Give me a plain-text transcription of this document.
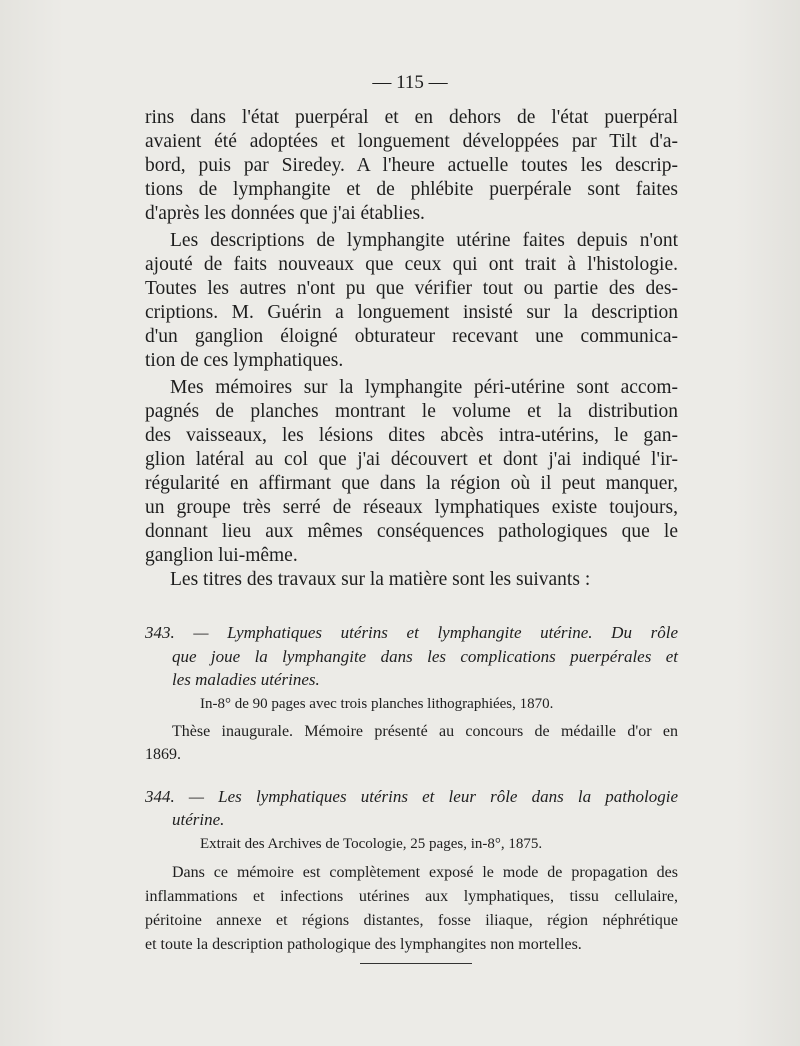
— 115 —
rins dans l'état puerpéral et en dehors de l'état puerpéral
avaient été adoptées et longuement développées par Tilt d'a-
bord, puis par Siredey. A l'heure actuelle toutes les descrip-
tions de lymphangite et de phlébite puerpérale sont faites
d'après les données que j'ai établies.
Les descriptions de lymphangite utérine faites depuis n'ont
ajouté de faits nouveaux que ceux qui ont trait à l'histologie.
Toutes les autres n'ont pu que vérifier tout ou partie des des-
criptions. M. Guérin a longuement insisté sur la description
d'un ganglion éloigné obturateur recevant une communica-
tion de ces lymphatiques.
Mes mémoires sur la lymphangite péri-utérine sont accom-
pagnés de planches montrant le volume et la distribution
des vaisseaux, les lésions dites abcès intra-utérins, le gan-
glion latéral au col que j'ai découvert et dont j'ai indiqué l'ir-
régularité en affirmant que dans la région où il peut manquer,
un groupe très serré de réseaux lymphatiques existe toujours,
donnant lieu aux mêmes conséquences pathologiques que le
ganglion lui-même.
Les titres des travaux sur la matière sont les suivants :
343. — Lymphatiques utérins et lymphangite utérine. Du rôle
que joue la lymphangite dans les complications puerpérales et
les maladies utérines.
In-8° de 90 pages avec trois planches lithographiées, 1870.
Thèse inaugurale. Mémoire présenté au concours de médaille d'or en
1869.
344. — Les lymphatiques utérins et leur rôle dans la pathologie
utérine.
Extrait des Archives de Tocologie, 25 pages, in-8°, 1875.
Dans ce mémoire est complètement exposé le mode de propagation des
inflammations et infections utérines aux lymphatiques, tissu cellulaire,
péritoine annexe et régions distantes, fosse iliaque, région néphrétique
et toute la description pathologique des lymphangites non mortelles.
